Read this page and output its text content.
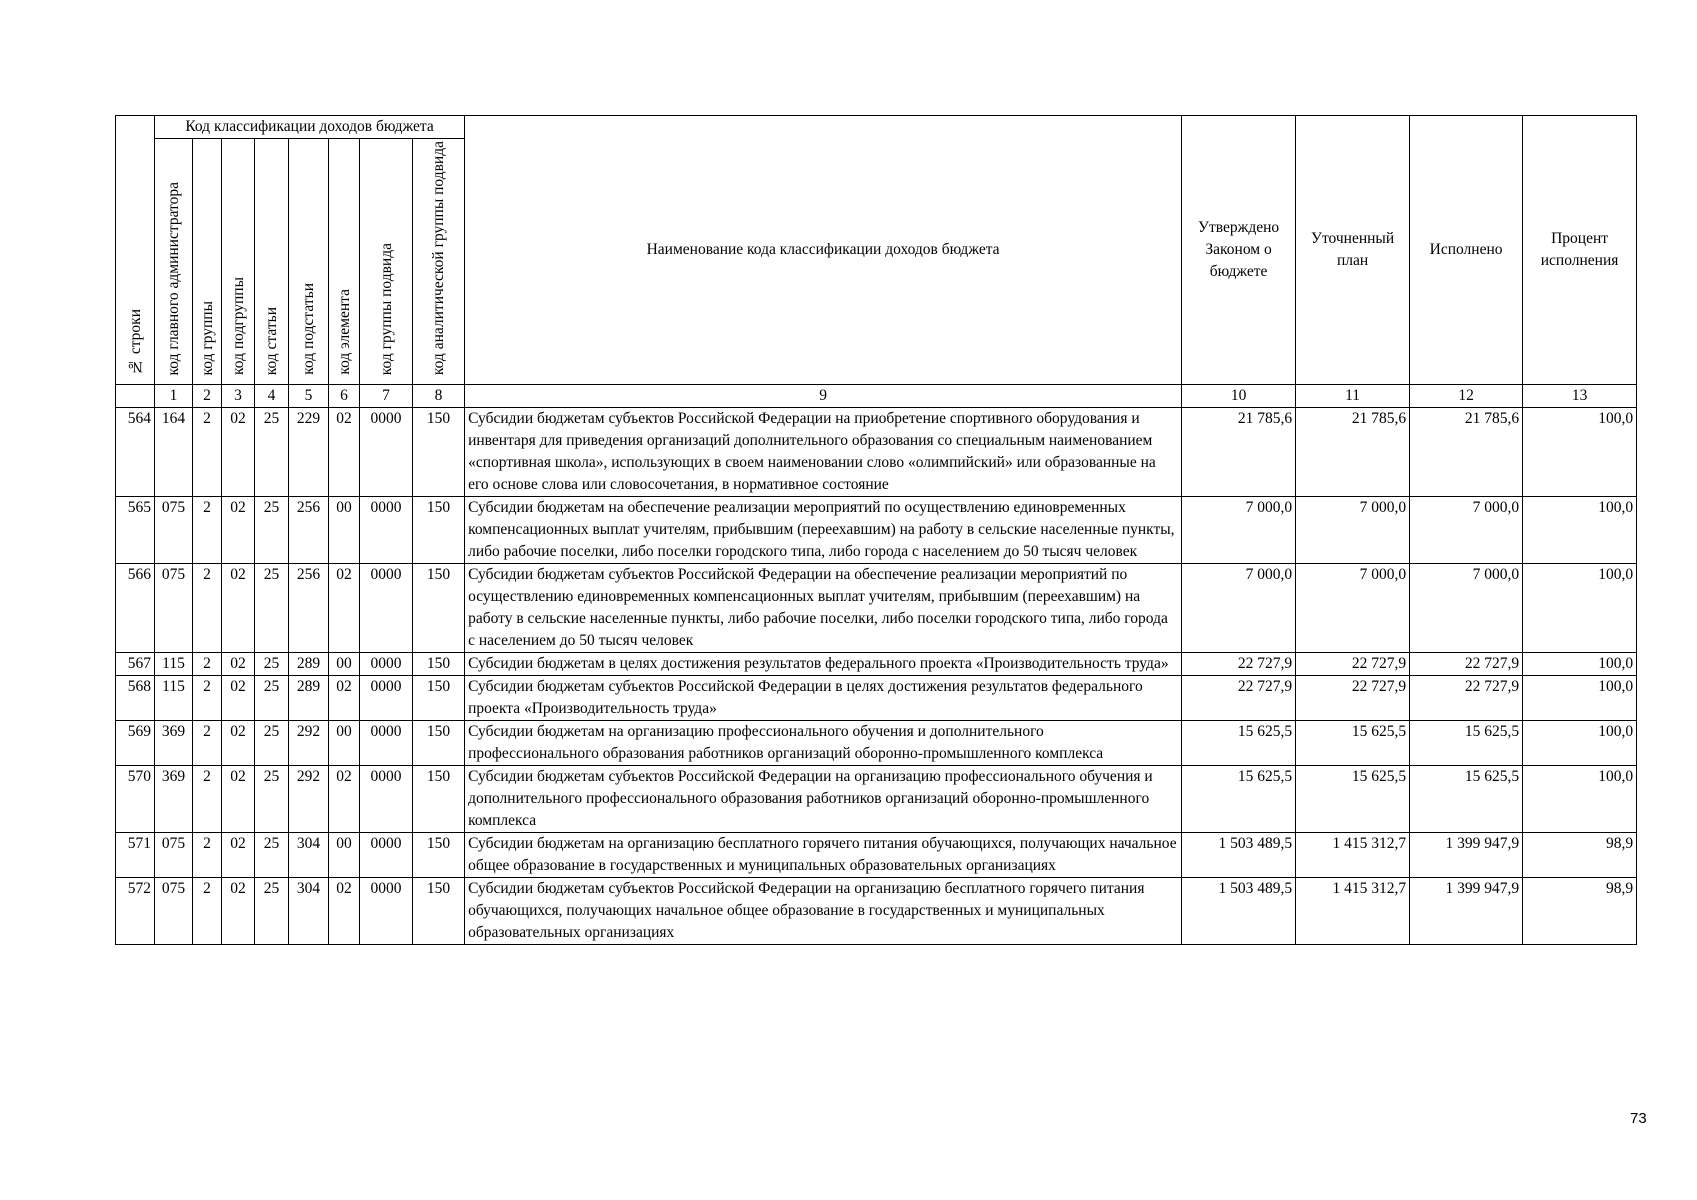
№ строки	Код классификации доходов бюджета								Наименование кода классификации доходов бюджета	Утверждено Законом о бюджете	Уточненный план	Исполнено	Процент исполнения
	код главного администратора	код группы	код подгруппы	код статьи	код подстатьи	код элемента	код группы подвида	код аналитической группы подвида					
	1	2	3	4	5	6	7	8	9	10	11	12	13
564	164	2	02	25	229	02	0000	150	Субсидии бюджетам субъектов Российской Федерации на приобретение спортивного оборудования и инвентаря для приведения организаций дополнительного образования со специальным наименованием «спортивная школа», использующих в своем наименовании слово «олимпийский» или образованные на его основе слова или словосочетания, в нормативное состояние	21 785,6	21 785,6	21 785,6	100,0
565	075	2	02	25	256	00	0000	150	Субсидии бюджетам на обеспечение реализации мероприятий по осуществлению единовременных компенсационных выплат учителям, прибывшим (переехавшим) на работу в сельские населенные пункты, либо рабочие поселки, либо поселки городского типа, либо города с населением до 50 тысяч человек	7 000,0	7 000,0	7 000,0	100,0
566	075	2	02	25	256	02	0000	150	Субсидии бюджетам субъектов Российской Федерации на обеспечение реализации мероприятий по осуществлению единовременных компенсационных выплат учителям, прибывшим (переехавшим) на работу в сельские населенные пункты, либо рабочие поселки, либо поселки городского типа, либо города с населением до 50 тысяч человек	7 000,0	7 000,0	7 000,0	100,0
567	115	2	02	25	289	00	0000	150	Субсидии бюджетам в целях достижения результатов федерального проекта «Производительность труда»	22 727,9	22 727,9	22 727,9	100,0
568	115	2	02	25	289	02	0000	150	Субсидии бюджетам субъектов Российской Федерации в целях достижения результатов федерального проекта «Производительность труда»	22 727,9	22 727,9	22 727,9	100,0
569	369	2	02	25	292	00	0000	150	Субсидии бюджетам на организацию профессионального обучения и дополнительного профессионального образования работников организаций оборонно-промышленного комплекса	15 625,5	15 625,5	15 625,5	100,0
570	369	2	02	25	292	02	0000	150	Субсидии бюджетам субъектов Российской Федерации на организацию профессионального обучения и дополнительного профессионального образования работников организаций оборонно-промышленного комплекса	15 625,5	15 625,5	15 625,5	100,0
571	075	2	02	25	304	00	0000	150	Субсидии бюджетам на организацию бесплатного горячего питания обучающихся, получающих начальное общее образование в государственных и муниципальных образовательных организациях	1 503 489,5	1 415 312,7	1 399 947,9	98,9
572	075	2	02	25	304	02	0000	150	Субсидии бюджетам субъектов Российской Федерации на организацию бесплатного горячего питания обучающихся, получающих начальное общее образование в государственных и муниципальных образовательных организациях	1 503 489,5	1 415 312,7	1 399 947,9	98,9
73
